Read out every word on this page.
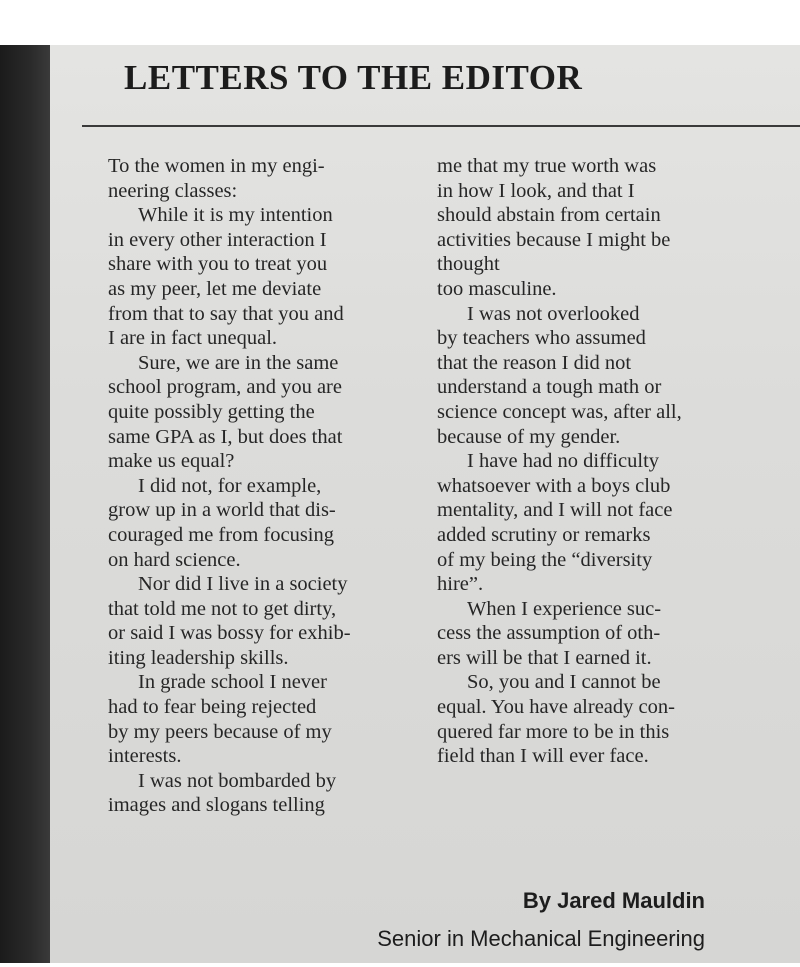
LETTERS TO THE EDITOR
To the women in my engi-
neering classes:
While it is my intention
in every other interaction I
share with you to treat you
as my peer, let me deviate
from that to say that you and
I are in fact unequal.
Sure, we are in the same
school program, and you are
quite possibly getting the
same GPA as I, but does that
make us equal?
I did not, for example,
grow up in a world that dis-
couraged me from focusing
on hard science.
Nor did I live in a society
that told me not to get dirty,
or said I was bossy for exhib-
iting leadership skills.
In grade school I never
had to fear being rejected
by my peers because of my
interests.
I was not bombarded by
images and slogans telling
me that my true worth was
in how I look, and that I
should abstain from certain
activities because I might be
thought
too masculine.
I was not overlooked
by teachers who assumed
that the reason I did not
understand a tough math or
science concept was, after all,
because of my gender.
I have had no difficulty
whatsoever with a boys club
mentality, and I will not face
added scrutiny or remarks
of my being the “diversity
hire”.
When I experience suc-
cess the assumption of oth-
ers will be that I earned it.
So, you and I cannot be
equal. You have already con-
quered far more to be in this
field than I will ever face.

By Jared Mauldin

Senior in Mechanical Engineering
